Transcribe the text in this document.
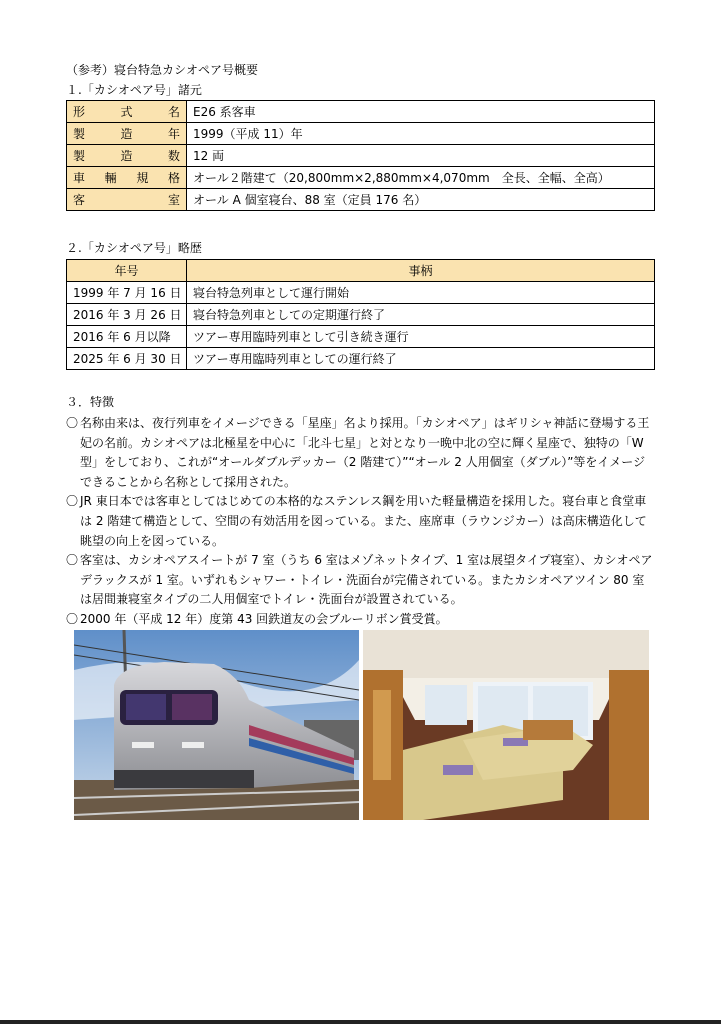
（参考）寝台特急カシオペア号概要
１.「カシオペア号」諸元
形 式 名	E26 系客車

製 造 年	1999（平成 11）年

製 造 数	12 両

車 輛 規 格	オール２階建て（20,800mm×2,880mm×4,070mm　全長、全幅、全高）

客 室	オール A 個室寝台、88 室（定員 176 名）
２.「カシオペア号」略歴
年号	事柄
1999 年 7 月 16 日	寝台特急列車として運行開始
2016 年 3 月 26 日	寝台特急列車としての定期運行終了
2016 年 6 月以降	ツアー専用臨時列車として引き続き運行
2025 年 6 月 30 日	ツアー専用臨時列車としての運行終了
３．特徴
〇 名称由来は、夜行列車をイメージできる「星座」名より採用。「カシオペア」はギリシャ神話に登場する王妃の名前。カシオペアは北極星を中心に「北斗七星」と対となり一晩中北の空に輝く星座で、独特の「W 型」をしており、これが“オールダブルデッカー（2 階建て）”“オール 2 人用個室（ダブル）”等をイメージできることから名称として採用された。
〇 JR 東日本では客車としてはじめての本格的なステンレス鋼を用いた軽量構造を採用した。寝台車と食堂車は 2 階建て構造として、空間の有効活用を図っている。また、座席車（ラウンジカー）は高床構造化して眺望の向上を図っている。
〇 客室は、カシオペアスイートが 7 室（うち 6 室はメゾネットタイプ、1 室は展望タイプ寝室）、カシオペアデラックスが 1 室。いずれもシャワー・トイレ・洗面台が完備されている。またカシオペアツイン 80 室は居間兼寝室タイプの二人用個室でトイレ・洗面台が設置されている。
〇 2000 年（平成 12 年）度第 43 回鉄道友の会ブルーリボン賞受賞。
